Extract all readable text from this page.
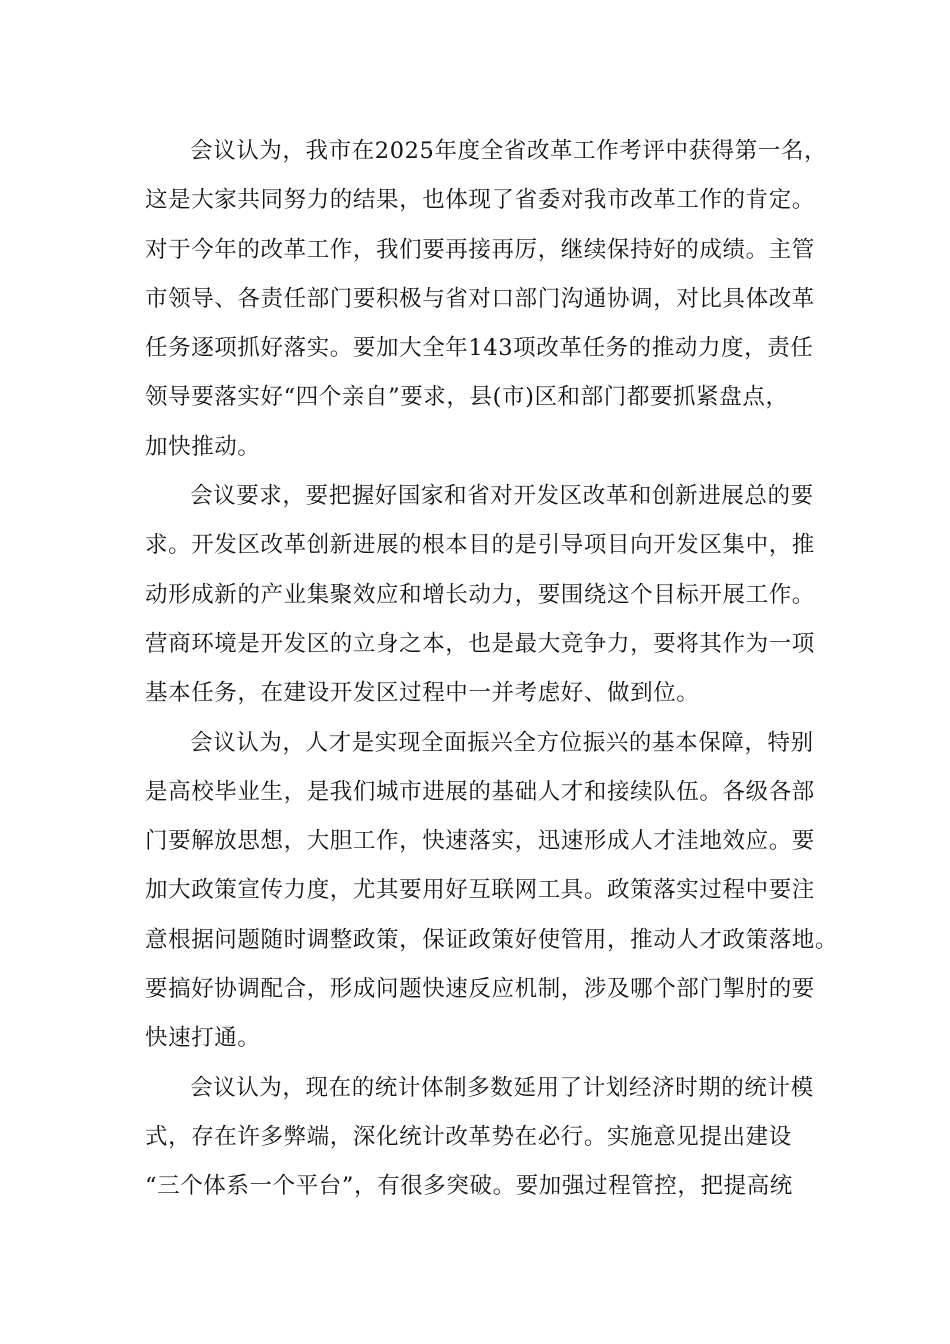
会议认为，我市在2025年度全省改革工作考评中获得第一名，
这是大家共同努力的结果，也体现了省委对我市改革工作的肯定。
对于今年的改革工作，我们要再接再厉，继续保持好的成绩。主管
市领导、各责任部门要积极与省对口部门沟通协调，对比具体改革
任务逐项抓好落实。要加大全年143项改革任务的推动力度，责任
领导要落实好“四个亲自”要求，县(市)区和部门都要抓紧盘点，
加快推动。
会议要求，要把握好国家和省对开发区改革和创新进展总的要
求。开发区改革创新进展的根本目的是引导项目向开发区集中，推
动形成新的产业集聚效应和增长动力，要围绕这个目标开展工作。
营商环境是开发区的立身之本，也是最大竞争力，要将其作为一项
基本任务，在建设开发区过程中一并考虑好、做到位。
会议认为，人才是实现全面振兴全方位振兴的基本保障，特别
是高校毕业生，是我们城市进展的基础人才和接续队伍。各级各部
门要解放思想，大胆工作，快速落实，迅速形成人才洼地效应。要
加大政策宣传力度，尤其要用好互联网工具。政策落实过程中要注
意根据问题随时调整政策，保证政策好使管用，推动人才政策落地。
要搞好协调配合，形成问题快速反应机制，涉及哪个部门掣肘的要
快速打通。
会议认为，现在的统计体制多数延用了计划经济时期的统计模
式，存在许多弊端，深化统计改革势在必行。实施意见提出建设
“三个体系一个平台”，有很多突破。要加强过程管控，把提高统
